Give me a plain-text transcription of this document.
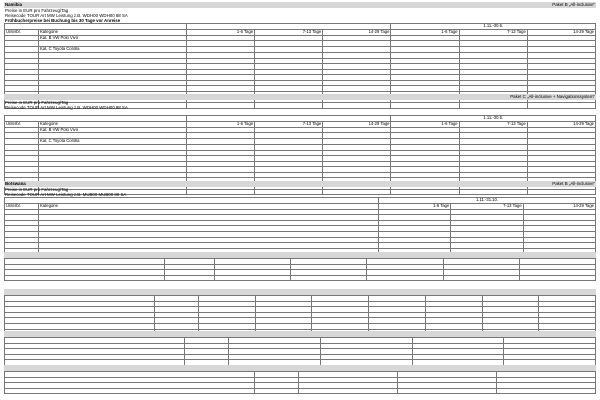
Namibia	Paket B „All-inclusive“
Preise in EUR pro Fahrzeug/Tag
Reisecode TOUR Art MW Leistung z.B. WDH00 WDH00 88 SA
Frühbucherpreise bei Buchung bis 30 Tage vor Anreise
					1.11.-30.6.		
Unterbr.	Kategorie	1-6 Tage	7-13 Tage	14-29 Tage	1-6 Tage	7-13 Tage	14-29 Tage
	Kat. B VW Polo Vivo						

	Kat. C Toyota Corolla						

Paket C „All-inclusive + Navigationssystem“
Preise in EUR pro Fahrzeug/Tag
Reisecode TOUR Art MW Leistung z.B. WDH00 WDH00 88 SA
					1.11.-30.6.		
Unterbr.	Kategorie	1-6 Tage	7-13 Tage	14-29 Tage	1-6 Tage	7-13 Tage	14-29 Tage
	Kat. B VW Polo Vivo						

	Kat. C Toyota Corolla						

Botswana	Paket B „All-inclusive“
Preise in EUR pro Fahrzeug/Tag
Reisecode TOUR Art MW Leistung z.B. MUB00 MUB00 88 SA
		1.11.-31.10.		
Unterbr.	Kategorie	1-6 Tage	7-13 Tage	14-29 Tage
